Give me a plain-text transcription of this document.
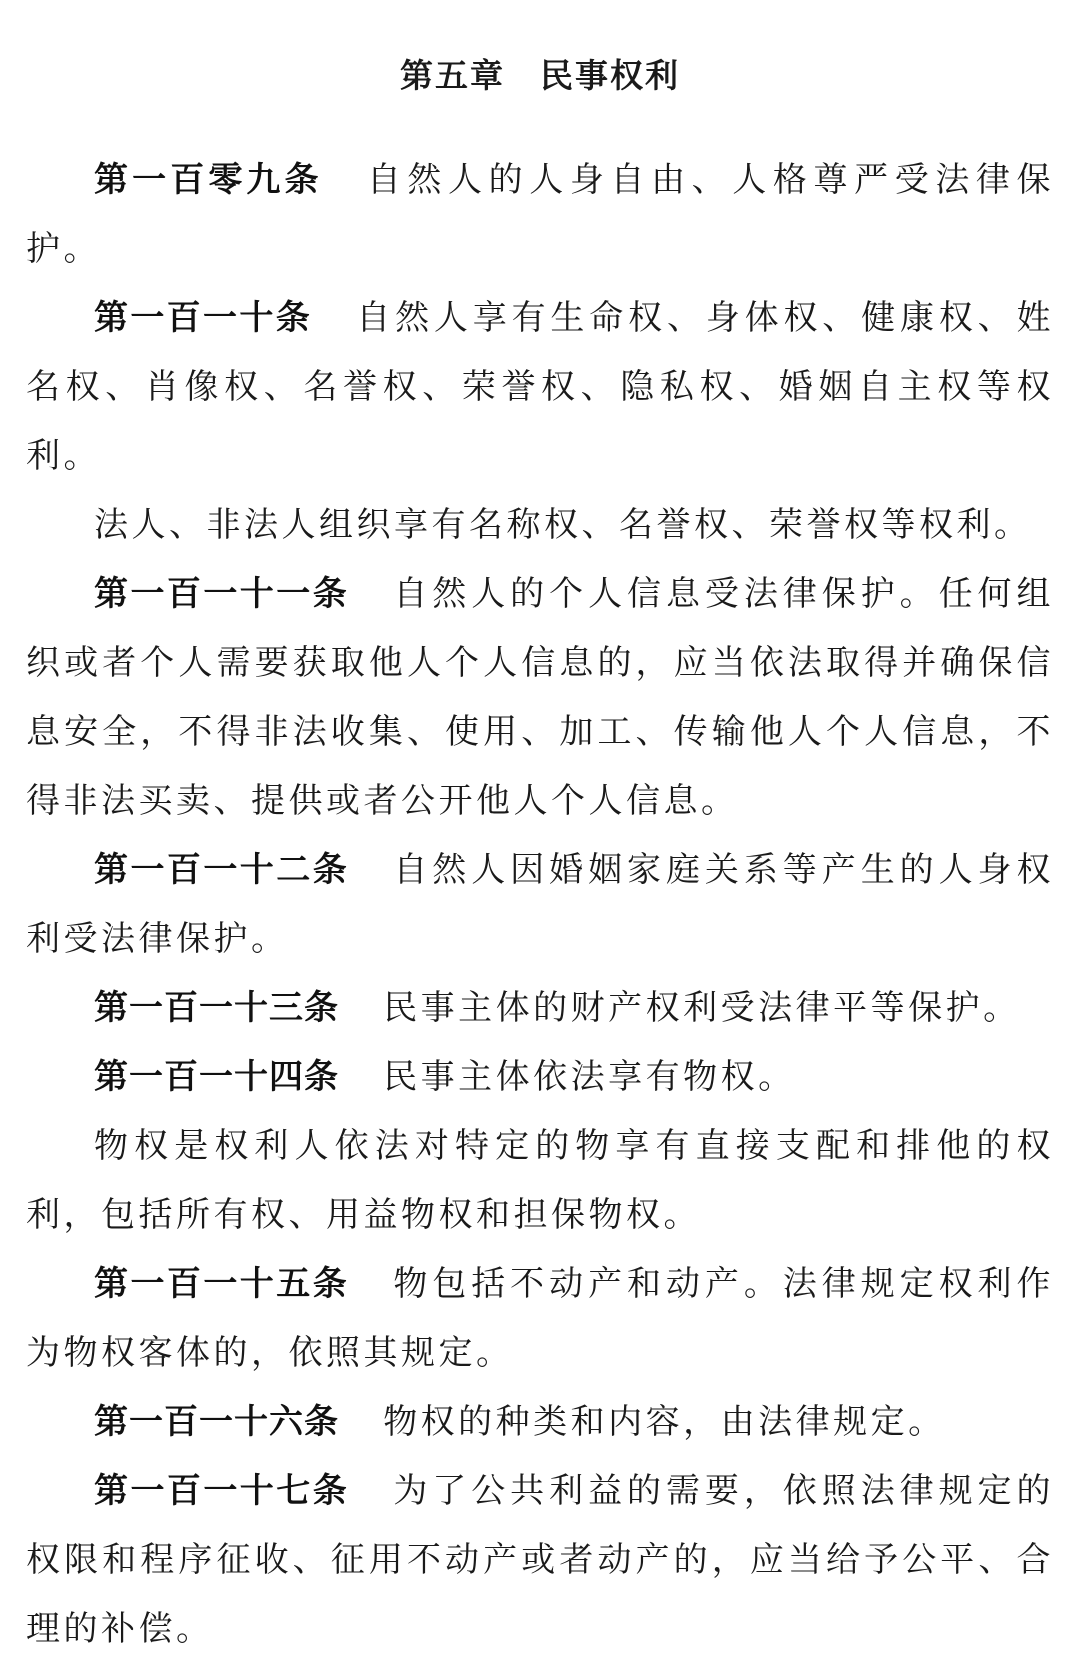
第五章　民事权利

第一百零九条 自然人的人身自由、人格尊严受法律保护。

第一百一十条 自然人享有生命权、身体权、健康权、姓名权、肖像权、名誉权、荣誉权、隐私权、婚姻自主权等权利。

法人、非法人组织享有名称权、名誉权、荣誉权等权利。

第一百一十一条 自然人的个人信息受法律保护。任何组织或者个人需要获取他人个人信息的，应当依法取得并确保信息安全，不得非法收集、使用、加工、传输他人个人信息，不得非法买卖、提供或者公开他人个人信息。

第一百一十二条 自然人因婚姻家庭关系等产生的人身权利受法律保护。

第一百一十三条 民事主体的财产权利受法律平等保护。

第一百一十四条 民事主体依法享有物权。

物权是权利人依法对特定的物享有直接支配和排他的权利，包括所有权、用益物权和担保物权。

第一百一十五条 物包括不动产和动产。法律规定权利作为物权客体的，依照其规定。

第一百一十六条 物权的种类和内容，由法律规定。

第一百一十七条 为了公共利益的需要，依照法律规定的权限和程序征收、征用不动产或者动产的，应当给予公平、合理的补偿。
